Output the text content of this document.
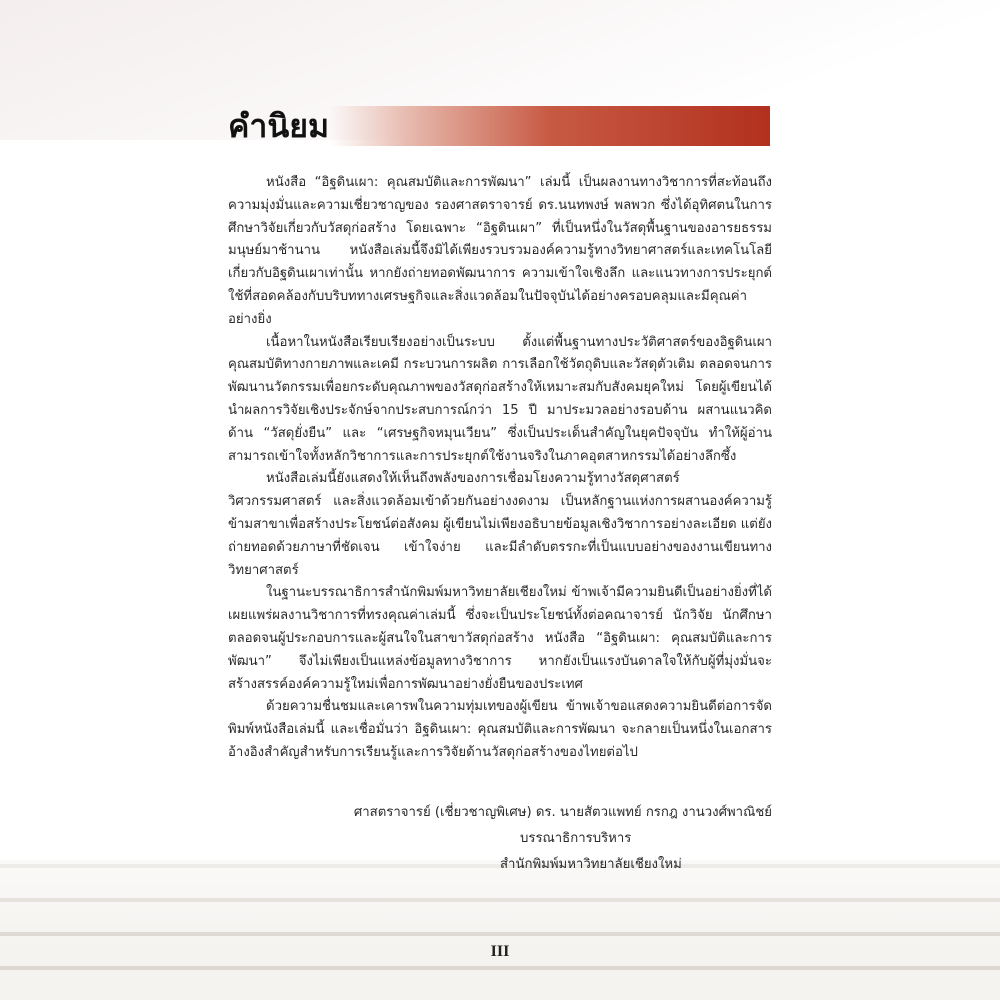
คำนิยม

หนังสือ “อิฐดินเผา: คุณสมบัติและการพัฒนา” เล่มนี้ เป็นผลงานทางวิชาการที่สะท้อนถึงความมุ่งมั่นและความเชี่ยวชาญของ รองศาสตราจารย์ ดร.นนทพงษ์ พลพวก ซึ่งได้อุทิศตนในการศึกษาวิจัยเกี่ยวกับวัสดุก่อสร้าง โดยเฉพาะ “อิฐดินเผา” ที่เป็นหนึ่งในวัสดุพื้นฐานของอารยธรรมมนุษย์มาช้านาน หนังสือเล่มนี้จึงมิได้เพียงรวบรวมองค์ความรู้ทางวิทยาศาสตร์และเทคโนโลยีเกี่ยวกับอิฐดินเผาเท่านั้น หากยังถ่ายทอดพัฒนาการ ความเข้าใจเชิงลึก และแนวทางการประยุกต์ใช้ที่สอดคล้องกับบริบททางเศรษฐกิจและสิ่งแวดล้อมในปัจจุบันได้อย่างครอบคลุมและมีคุณค่าอย่างยิ่ง

เนื้อหาในหนังสือเรียบเรียงอย่างเป็นระบบ ตั้งแต่พื้นฐานทางประวัติศาสตร์ของอิฐดินเผา คุณสมบัติทางกายภาพและเคมี กระบวนการผลิต การเลือกใช้วัตถุดิบและวัสดุตัวเติม ตลอดจนการพัฒนานวัตกรรมเพื่อยกระดับคุณภาพของวัสดุก่อสร้างให้เหมาะสมกับสังคมยุคใหม่ โดยผู้เขียนได้นำผลการวิจัยเชิงประจักษ์จากประสบการณ์กว่า 15 ปี มาประมวลอย่างรอบด้าน ผสานแนวคิดด้าน “วัสดุยั่งยืน” และ “เศรษฐกิจหมุนเวียน” ซึ่งเป็นประเด็นสำคัญในยุคปัจจุบัน ทำให้ผู้อ่านสามารถเข้าใจทั้งหลักวิชาการและการประยุกต์ใช้งานจริงในภาคอุตสาหกรรมได้อย่างลึกซึ้ง

หนังสือเล่มนี้ยังแสดงให้เห็นถึงพลังของการเชื่อมโยงความรู้ทางวัสดุศาสตร์ วิศวกรรมศาสตร์ และสิ่งแวดล้อมเข้าด้วยกันอย่างงดงาม เป็นหลักฐานแห่งการผสานองค์ความรู้ข้ามสาขาเพื่อสร้างประโยชน์ต่อสังคม ผู้เขียนไม่เพียงอธิบายข้อมูลเชิงวิชาการอย่างละเอียด แต่ยังถ่ายทอดด้วยภาษาที่ชัดเจน เข้าใจง่าย และมีลำดับตรรกะที่เป็นแบบอย่างของงานเขียนทางวิทยาศาสตร์

ในฐานะบรรณาธิการสำนักพิมพ์มหาวิทยาลัยเชียงใหม่ ข้าพเจ้ามีความยินดีเป็นอย่างยิ่งที่ได้เผยแพร่ผลงานวิชาการที่ทรงคุณค่าเล่มนี้ ซึ่งจะเป็นประโยชน์ทั้งต่อคณาจารย์ นักวิจัย นักศึกษา ตลอดจนผู้ประกอบการและผู้สนใจในสาขาวัสดุก่อสร้าง หนังสือ “อิฐดินเผา: คุณสมบัติและการพัฒนา” จึงไม่เพียงเป็นแหล่งข้อมูลทางวิชาการ หากยังเป็นแรงบันดาลใจให้กับผู้ที่มุ่งมั่นจะสร้างสรรค์องค์ความรู้ใหม่เพื่อการพัฒนาอย่างยั่งยืนของประเทศ

ด้วยความชื่นชมและเคารพในความทุ่มเทของผู้เขียน ข้าพเจ้าขอแสดงความยินดีต่อการจัดพิมพ์หนังสือเล่มนี้ และเชื่อมั่นว่า อิฐดินเผา: คุณสมบัติและการพัฒนา จะกลายเป็นหนึ่งในเอกสารอ้างอิงสำคัญสำหรับการเรียนรู้และการวิจัยด้านวัสดุก่อสร้างของไทยต่อไป

ศาสตราจารย์ (เชี่ยวชาญพิเศษ) ดร. นายสัตวแพทย์ กรกฎ งานวงศ์พาณิชย์
บรรณาธิการบริหาร
สำนักพิมพ์มหาวิทยาลัยเชียงใหม่
III
